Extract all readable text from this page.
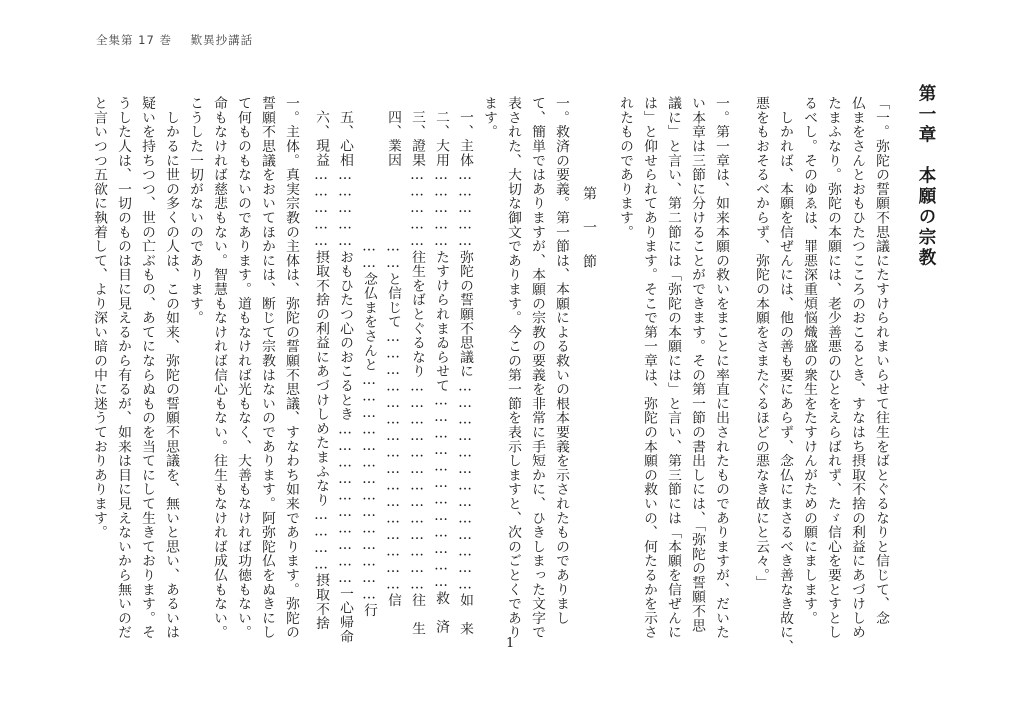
全集第 17 巻 歎異抄講話
第一章　本願の宗教
「一。弥陀の誓願不思議にたすけられまいらせて往生をばとぐるなりと信じて、念
仏まをさんとおもひたつこころのおこるとき、すなはち摂取不捨の利益にあづけしめ
たまふなり。弥陀の本願には、老少善悪のひとをえらばれず、たゞ信心を要とすとし
るべし。そのゆゑは、罪悪深重煩悩熾盛の衆生をたすけんがための願にまします。
　しかれば、本願を信ぜんには、他の善も要にあらず、念仏にまさるべき善なき故に、
悪をもおそるべからず、弥陀の本願をさまたぐるほどの悪なき故にと云々。」
一。第一章は、如来本願の救いをまことに率直に出されたものでありますが、だいた
い本章は三節に分けることができます。その第一節の書出しには、「弥陀の誓願不思
議に」と言い、第二節には「弥陀の本願には」と言い、第三節には「本願を信ぜんに
は」と仰せられてあります。そこで第一章は、弥陀の本願の救いの、何たるかを示さ
れたものであります。
第一節
一。救済の要義。第一節は、本願による救いの根本要義を示されたものでありまし
て、簡単ではありますが、本願の宗教の要義を非常に手短かに、ひきしまった文字で
表された、大切な御文であります。今この第一節を表示しますと、次のごとくであり
ます。
一、主体……………弥陀の誓願不思議に…………………………………如　来
二、大用……………たすけられまゐらせて………………………………救　済
三、證果……………往生をばとぐるなり…………………………………往　生
四、業因　　　　　……と信じて…………………………………………信
　　　　　　　　　……念仏まをさんと……………………………………行
五、心相……………おもひたつ心のおこるとき…………………………一心帰命
六、現益……………摂取不捨の利益にあづけしめたまふなり…………摂取不捨
一。主体。真実宗教の主体は、弥陀の誓願不思議、すなわち如来であります。弥陀の
誓願不思議をおいてほかには、断じて宗教はないのであります。阿弥陀仏をぬきにし
て何ものもないのであります。道もなければ光もなく、大善もなければ功徳もない。
命もなければ慈悲もない。智慧もなければ信心もない。往生もなければ成仏もない。
こうした一切がないのであります。
　しかるに世の多くの人は、この如来、弥陀の誓願不思議を、無いと思い、あるいは
疑いを持ちつつ、世の亡ぶもの、あてにならぬものを当てにして生きております。そ
うした人は、一切のものは目に見えるから有るが、如来は目に見えないから無いのだ
と言いつつ五欲に執着して、より深い暗の中に迷うておりあります。
1
